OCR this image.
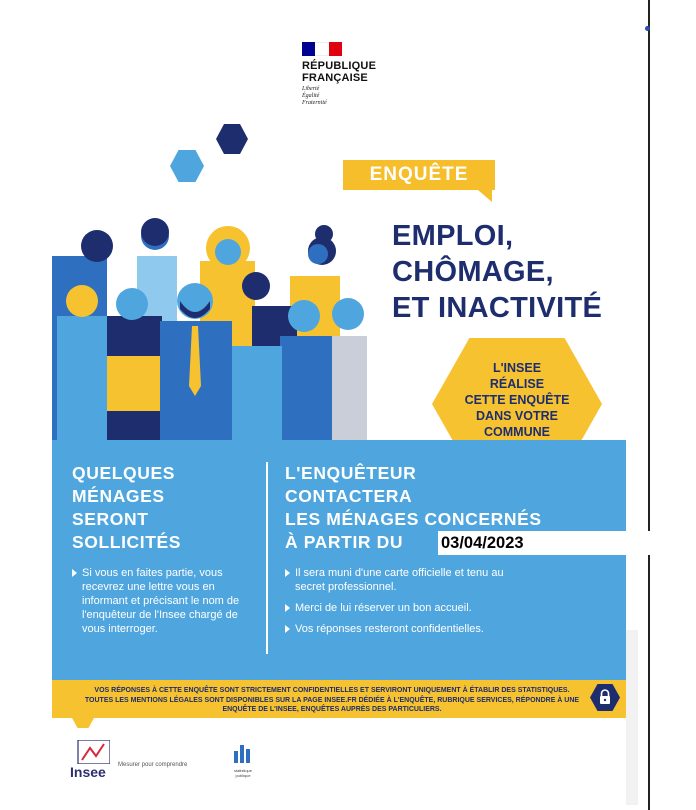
RÉPUBLIQUE
FRANÇAISE
Liberté
Égalité
Fraternité
ENQUÊTE
EMPLOI,
CHÔMAGE,
ET INACTIVITÉ
L'INSEE
RÉALISE
CETTE ENQUÊTE
DANS VOTRE
COMMUNE
QUELQUES
MÉNAGES
SERONT
SOLLICITÉS
L'ENQUÊTEUR
CONTACTERA
LES MÉNAGES CONCERNÉS
À PARTIR DU	03/04/2023
Si vous en faites partie, vous recevrez une lettre vous en informant et précisant le nom de l'enquêteur de l'Insee chargé de vous interroger.
Il sera muni d'une carte officielle et tenu au secret professionnel.
Merci de lui réserver un bon accueil.
Vos réponses resteront confidentielles.
VOS RÉPONSES À CETTE ENQUÊTE SONT STRICTEMENT CONFIDENTIELLES ET SERVIRONT UNIQUEMENT À ÉTABLIR DES STATISTIQUES. TOUTES LES MENTIONS LÉGALES SONT DISPONIBLES SUR LA PAGE INSEE.FR DÉDIÉE À L'ENQUÊTE, RUBRIQUE SERVICES, RÉPONDRE À UNE ENQUÊTE DE L'INSEE, ENQUÊTES AUPRÈS DES PARTICULIERS.
Insee Mesurer pour comprendre
statistique
publique
